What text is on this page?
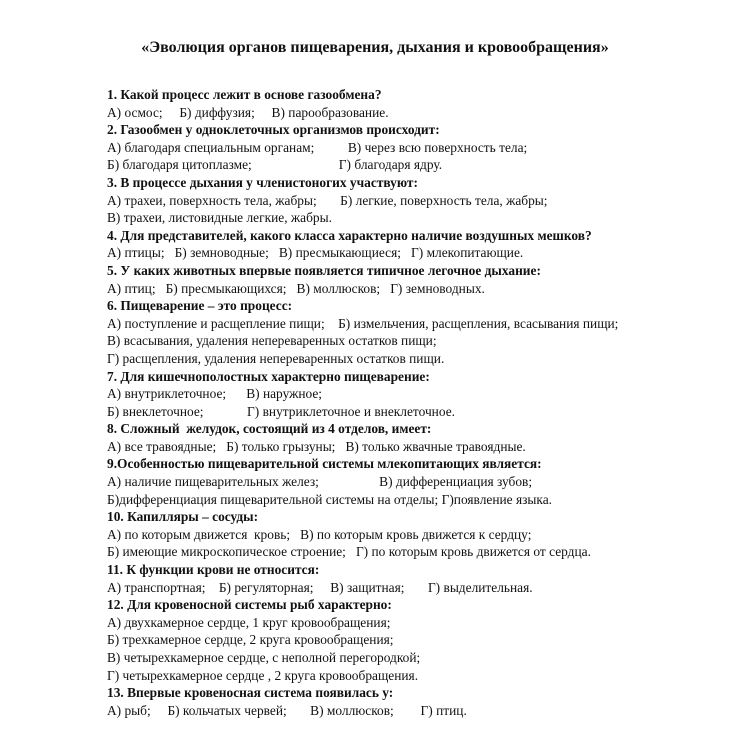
«Эволюция органов пищеварения, дыхания и кровообращения»
1. Какой процесс лежит в основе газообмена?
А) осмос;     Б) диффузия;     В) парообразование.
2. Газообмен у одноклеточных организмов происходит:
А) благодаря специальным органам;          В) через всю поверхность тела;
Б) благодаря цитоплазме;                          Г) благодаря ядру.
3. В процессе дыхания у членистоногих участвуют:
А) трахеи, поверхность тела, жабры;       Б) легкие, поверхность тела, жабры;
В) трахеи, листовидные легкие, жабры.
4. Для представителей, какого класса характерно наличие воздушных мешков?
А) птицы;   Б) земноводные;   В) пресмыкающиеся;   Г) млекопитающие.
5. У каких животных впервые появляется типичное легочное дыхание:
А) птиц;   Б) пресмыкающихся;   В) моллюсков;   Г) земноводных.
6. Пищеварение – это процесс:
А) поступление и расщепление пищи;    Б) измельчения, расщепления, всасывания пищи;
В) всасывания, удаления непереваренных остатков пищи;
Г) расщепления, удаления непереваренных остатков пищи.
7. Для кишечнополостных характерно пищеварение:
А) внутриклеточное;      В) наружное;
Б) внеклеточное;             Г) внутриклеточное и внеклеточное.
8. Сложный  желудок, состоящий из 4 отделов, имеет:
А) все травоядные;   Б) только грызуны;   В) только жвачные травоядные.
9.Особенностью пищеварительной системы млекопитающих является:
А) наличие пищеварительных желез;                  В) дифференциация зубов;
Б)дифференциация пищеварительной системы на отделы; Г)появление языка.
10. Капилляры – сосуды:
А) по которым движется  кровь;   В) по которым кровь движется к сердцу;
Б) имеющие микроскопическое строение;   Г) по которым кровь движется от сердца.
11. К функции крови не относится:
А) транспортная;    Б) регуляторная;     В) защитная;       Г) выделительная.
12. Для кровеносной системы рыб характерно:
А) двухкамерное сердце, 1 круг кровообращения;
Б) трехкамерное сердце, 2 круга кровообращения;
В) четырехкамерное сердце, с неполной перегородкой;
Г) четырехкамерное сердце , 2 круга кровообращения.
13. Впервые кровеносная система появилась у:
А) рыб;     Б) кольчатых червей;       В) моллюсков;        Г) птиц.
